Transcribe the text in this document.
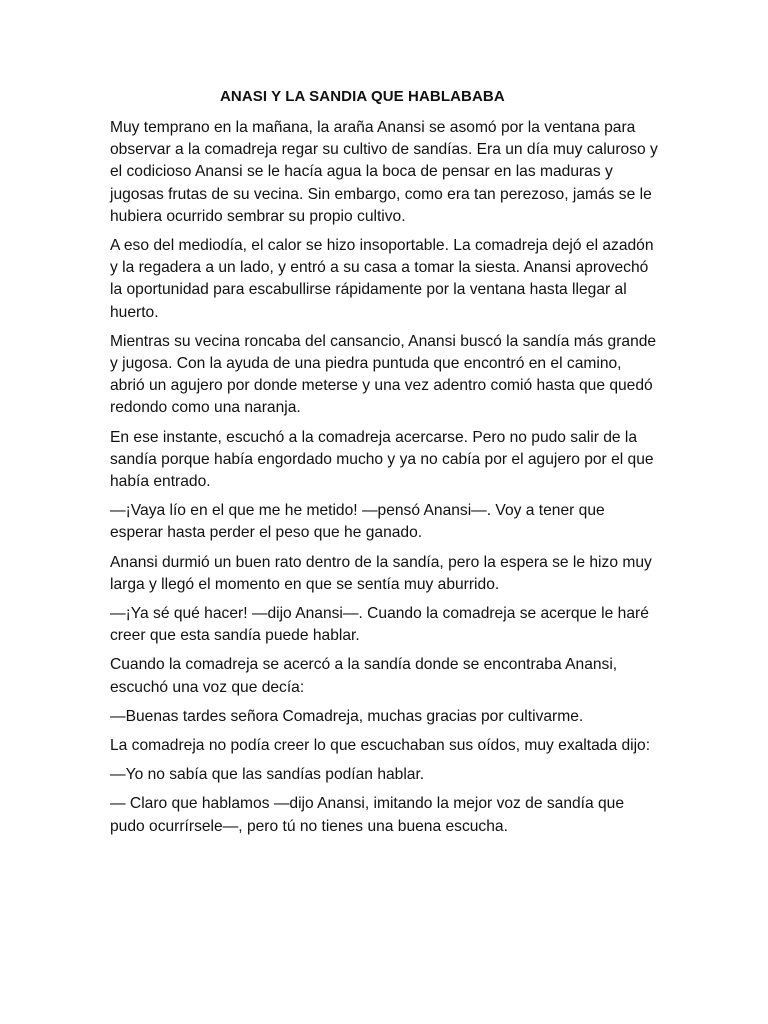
ANASI Y LA SANDIA QUE HABLABABA

Muy temprano en la mañana, la araña Anansi se asomó por la ventana para observar a la comadreja regar su cultivo de sandías. Era un día muy caluroso y el codicioso Anansi se le hacía agua la boca de pensar en las maduras y jugosas frutas de su vecina. Sin embargo, como era tan perezoso, jamás se le hubiera ocurrido sembrar su propio cultivo.

A eso del mediodía, el calor se hizo insoportable. La comadreja dejó el azadón y la regadera a un lado, y entró a su casa a tomar la siesta. Anansi aprovechó la oportunidad para escabullirse rápidamente por la ventana hasta llegar al huerto.

Mientras su vecina roncaba del cansancio, Anansi buscó la sandía más grande y jugosa. Con la ayuda de una piedra puntuda que encontró en el camino, abrió un agujero por donde meterse y una vez adentro comió hasta que quedó redondo como una naranja.

En ese instante, escuchó a la comadreja acercarse. Pero no pudo salir de la sandía porque había engordado mucho y ya no cabía por el agujero por el que había entrado.

—¡Vaya lío en el que me he metido! —pensó Anansi—. Voy a tener que esperar hasta perder el peso que he ganado.

Anansi durmió un buen rato dentro de la sandía, pero la espera se le hizo muy larga y llegó el momento en que se sentía muy aburrido.

—¡Ya sé qué hacer! —dijo Anansi—. Cuando la comadreja se acerque le haré creer que esta sandía puede hablar.

Cuando la comadreja se acercó a la sandía donde se encontraba Anansi, escuchó una voz que decía:

—Buenas tardes señora Comadreja, muchas gracias por cultivarme.

La comadreja no podía creer lo que escuchaban sus oídos, muy exaltada dijo:

—Yo no sabía que las sandías podían hablar.

— Claro que hablamos —dijo Anansi, imitando la mejor voz de sandía que pudo ocurrírsele—, pero tú no tienes una buena escucha.
